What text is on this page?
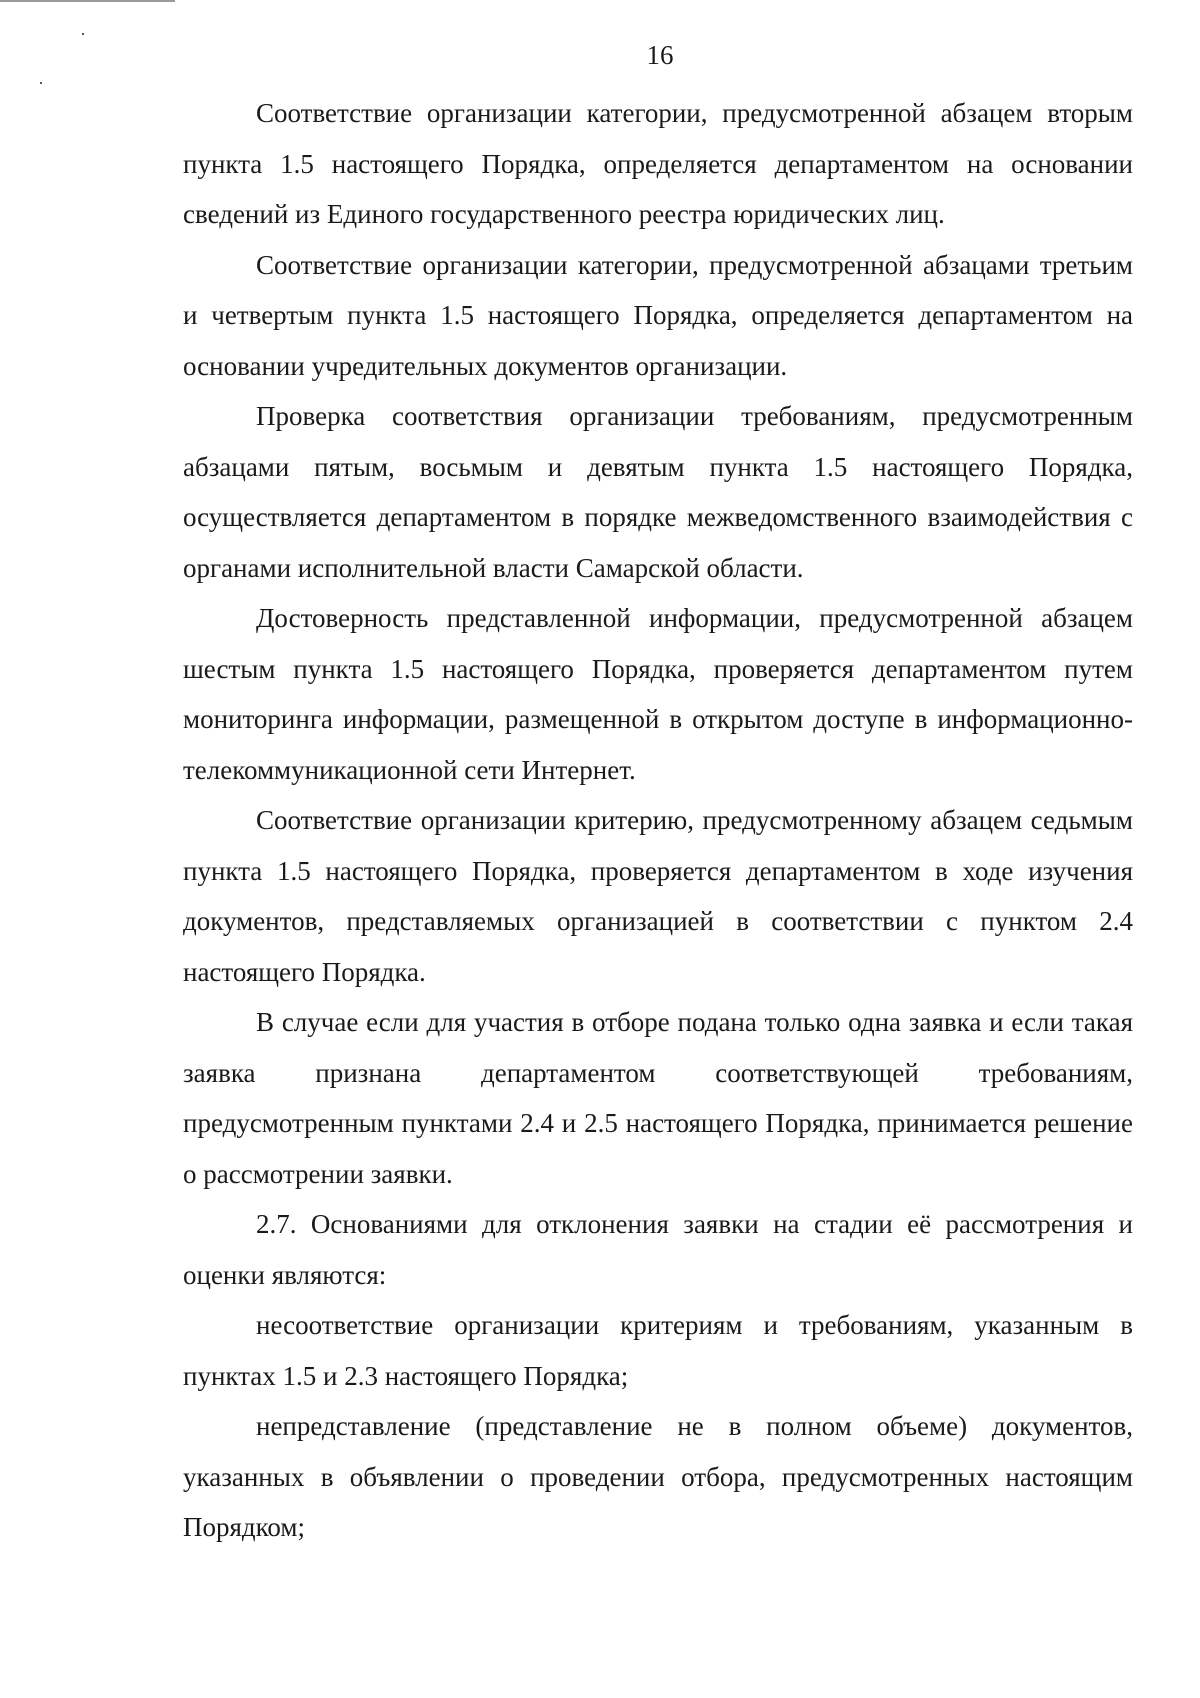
16

Соответствие организации категории, предусмотренной абзацем вторым пункта 1.5 настоящего Порядка, определяется департаментом на основании сведений из Единого государственного реестра юридических лиц.

Соответствие организации категории, предусмотренной абзацами третьим и четвертым пункта 1.5 настоящего Порядка, определяется департаментом на основании учредительных документов организации.

Проверка соответствия организации требованиям, предусмотренным абзацами пятым, восьмым и девятым пункта 1.5 настоящего Порядка, осуществляется департаментом в порядке межведомственного взаимодействия с органами исполнительной власти Самарской области.

Достоверность представленной информации, предусмотренной абзацем шестым пункта 1.5 настоящего Порядка, проверяется департаментом путем мониторинга информации, размещенной в открытом доступе в информационно-телекоммуникационной сети Интернет.

Соответствие организации критерию, предусмотренному абзацем седьмым пункта 1.5 настоящего Порядка, проверяется департаментом в ходе изучения документов, представляемых организацией в соответствии с пунктом 2.4 настоящего Порядка.

В случае если для участия в отборе подана только одна заявка и если такая заявка признана департаментом соответствующей требованиям, предусмотренным пунктами 2.4 и 2.5 настоящего Порядка, принимается решение о рассмотрении заявки.

2.7. Основаниями для отклонения заявки на стадии её рассмотрения и оценки являются:

несоответствие организации критериям и требованиям, указанным в пунктах 1.5 и 2.3 настоящего Порядка;

непредставление (представление не в полном объеме) документов, указанных в объявлении о проведении отбора, предусмотренных настоящим Порядком;
